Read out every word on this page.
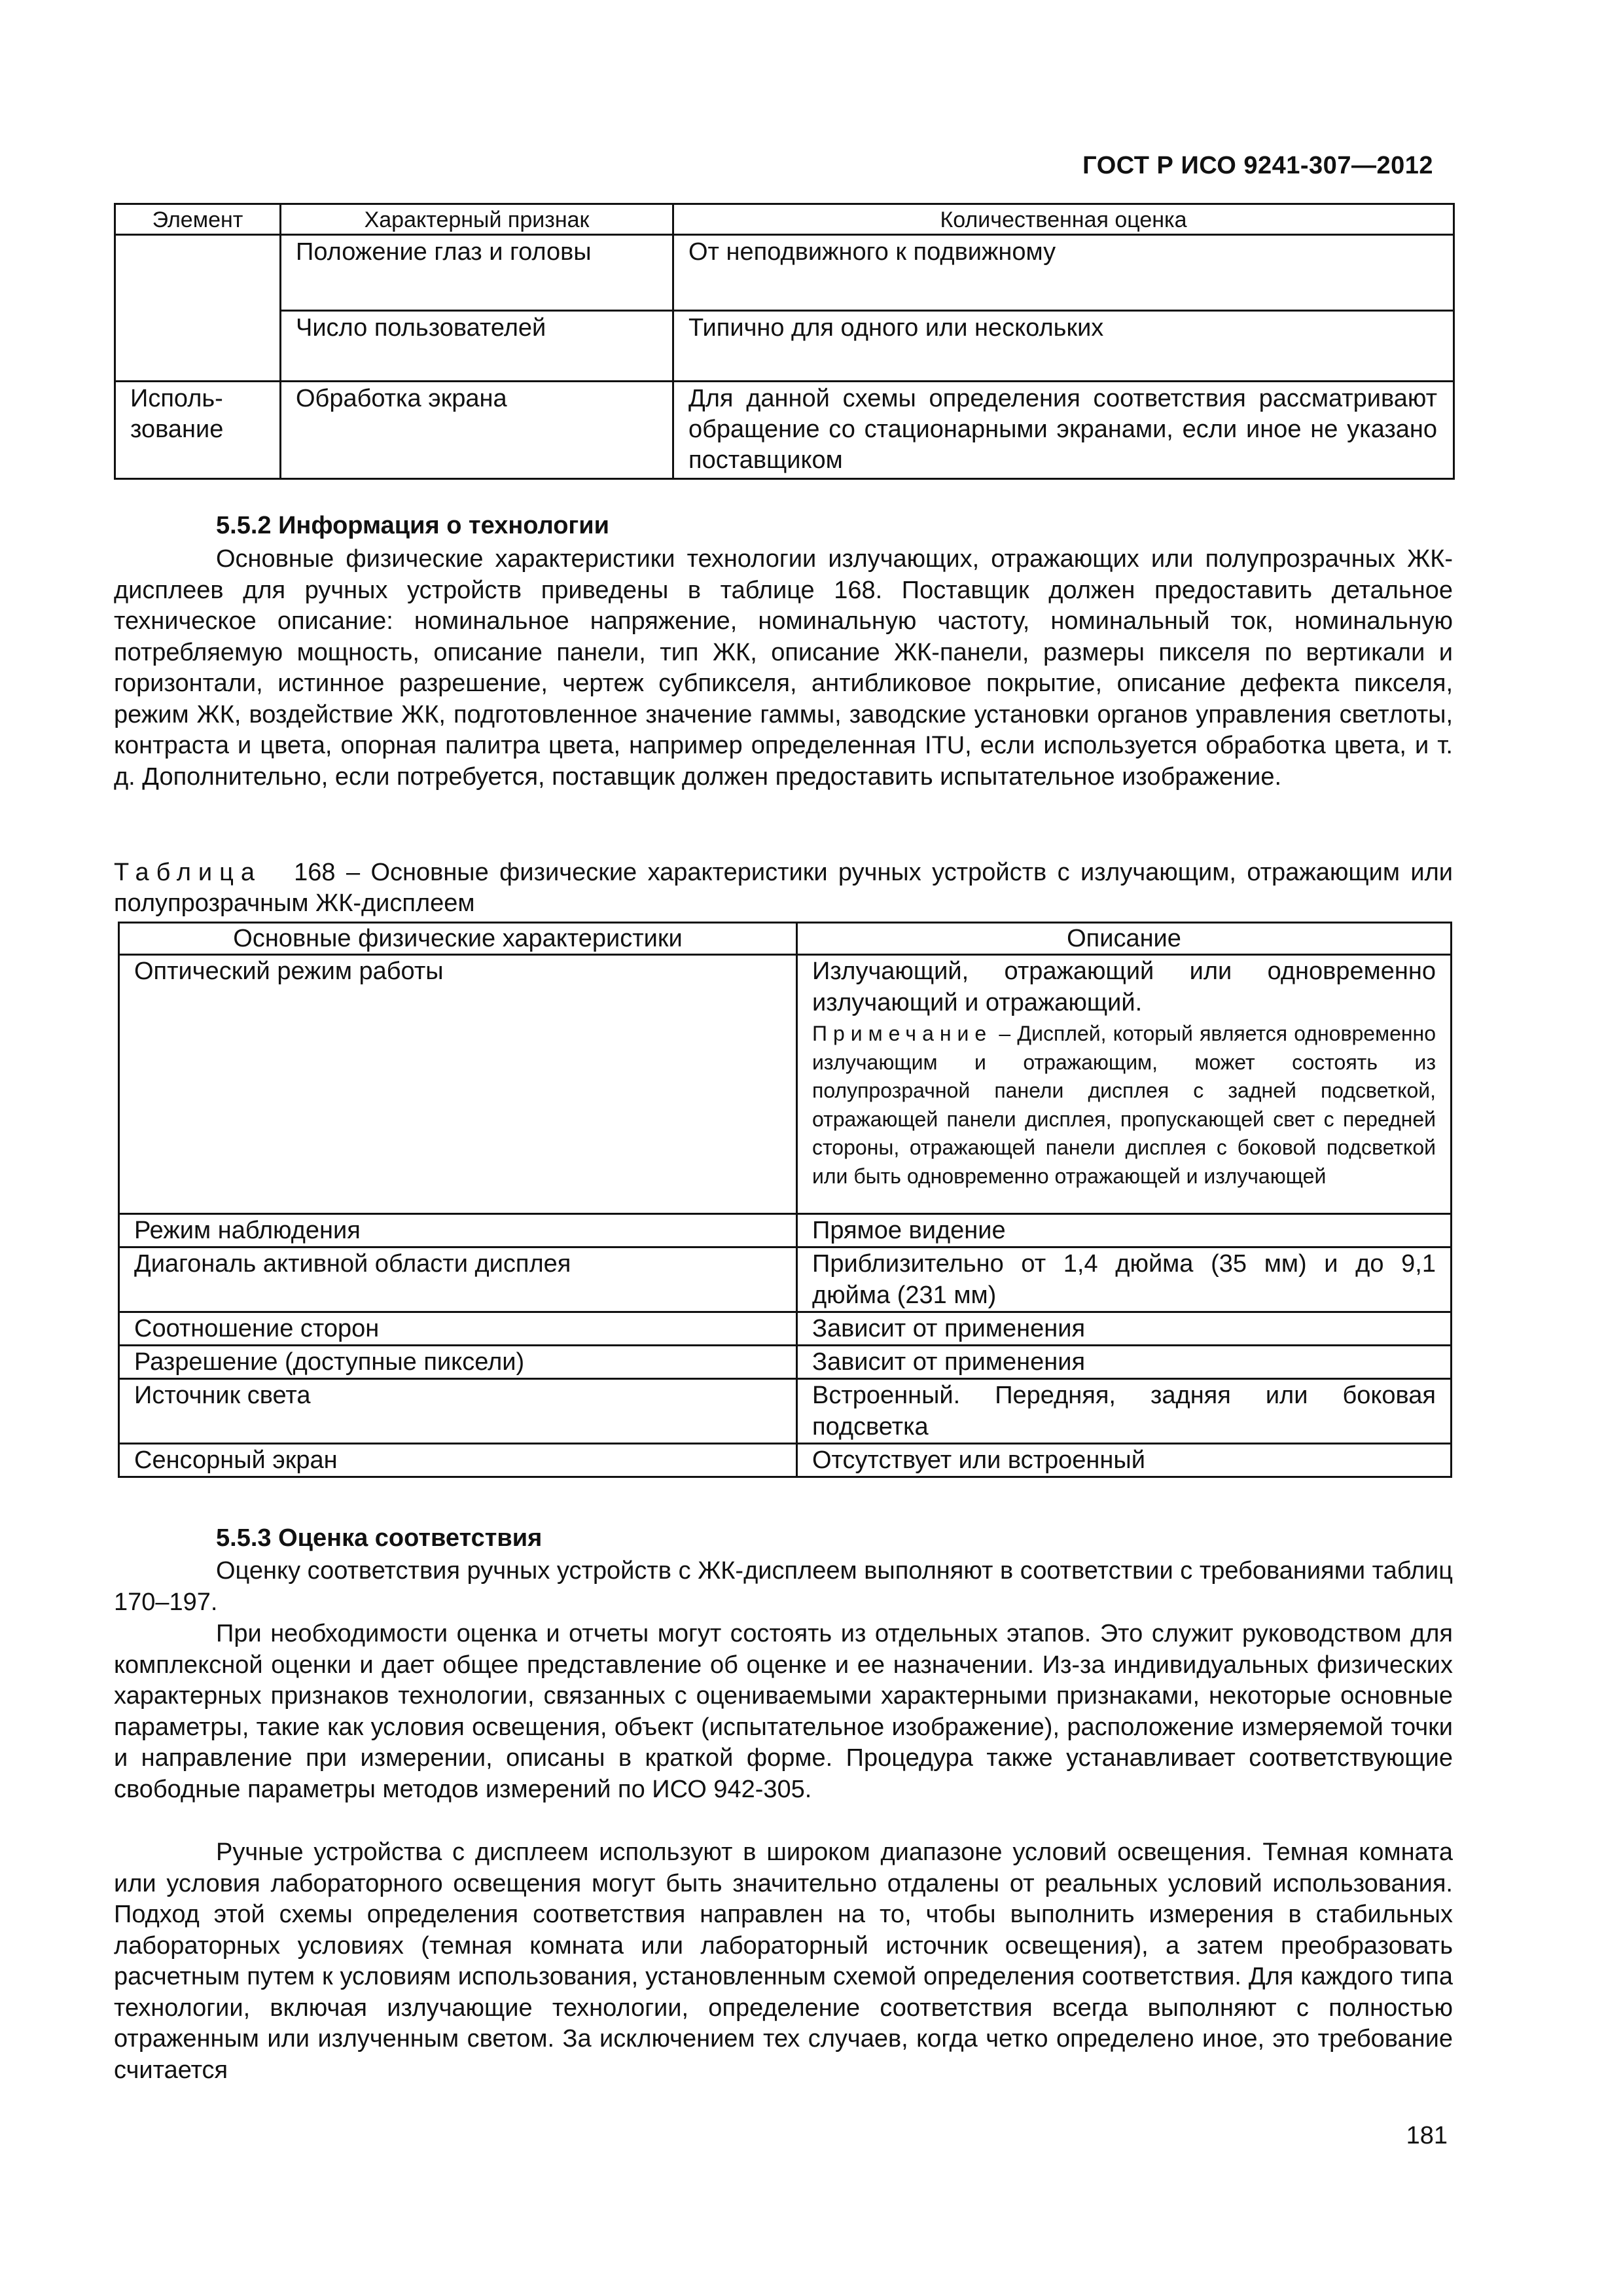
ГОСТ Р ИСО 9241-307—2012
Элемент	Характерный признак	Количественная оценка
	Положение глаз и головы	От неподвижного к подвижному
	Число пользователей	Типично для одного или нескольких
Исполь-зование	Обработка экрана	Для данной схемы определения соответствия рассматривают обращение со стационарными экранами, если иное не указано поставщиком
5.5.2 Информация о технологии

Основные физические характеристики технологии излучающих, отражающих или полупрозрачных ЖК-дисплеев для ручных устройств приведены в таблице 168. Поставщик должен предоставить детальное техническое описание: номинальное напряжение, номинальную частоту, номинальный ток, номинальную потребляемую мощность, описание панели, тип ЖК, описание ЖК-панели, размеры пикселя по вертикали и горизонтали, истинное разрешение, чертеж субпикселя, антибликовое покрытие, описание дефекта пикселя, режим ЖК, воздействие ЖК, подготовленное значение гаммы, заводские установки органов управления светлоты, контраста и цвета, опорная палитра цвета, например определенная ITU, если используется обработка цвета, и т. д. Дополнительно, если потребуется, поставщик должен предоставить испытательное изображение.

Таблица 168 – Основные физические характеристики ручных устройств с излучающим, отражающим или полупрозрачным ЖК-дисплеем

Основные физические характеристики	Описание
Оптический режим работы	Излучающий, отражающий или одновременно излучающий и отражающий.
Примечание – Дисплей, который является одновременно излучающим и отражающим, может состоять из полупрозрачной панели дисплея с задней подсветкой, отражающей панели дисплея, пропускающей свет с передней стороны, отражающей панели дисплея с боковой подсветкой или быть одновременно отражающей и излучающей

Режим наблюдения	Прямое видение
Диагональ активной области дисплея	Приблизительно от 1,4 дюйма (35 мм) и до 9,1 дюйма (231 мм)
Соотношение сторон	Зависит от применения
Разрешение (доступные пиксели)	Зависит от применения
Источник света	Встроенный. Передняя, задняя или боковая подсветка
Сенсорный экран	Отсутствует или встроенный
5.5.3 Оценка соответствия

Оценку соответствия ручных устройств с ЖК-дисплеем выполняют в соответствии с требованиями таблиц 170–197.

При необходимости оценка и отчеты могут состоять из отдельных этапов. Это служит руководством для комплексной оценки и дает общее представление об оценке и ее назначении. Из-за индивидуальных физических характерных признаков технологии, связанных с оцениваемыми характерными признаками, некоторые основные параметры, такие как условия освещения, объект (испытательное изображение), расположение измеряемой точки и направление при измерении, описаны в краткой форме. Процедура также устанавливает соответствующие свободные параметры методов измерений по ИСО 942-305.

Ручные устройства с дисплеем используют в широком диапазоне условий освещения. Темная комната или условия лабораторного освещения могут быть значительно отдалены от реальных условий использования. Подход этой схемы определения соответствия направлен на то, чтобы выполнить измерения в стабильных лабораторных условиях (темная комната или лабораторный источник освещения), а затем преобразовать расчетным путем к условиям использования, установленным схемой определения соответствия. Для каждого типа технологии, включая излучающие технологии, определение соответствия всегда выполняют с полностью отраженным или излученным светом. За исключением тех случаев, когда четко определено иное, это требование считается

181
